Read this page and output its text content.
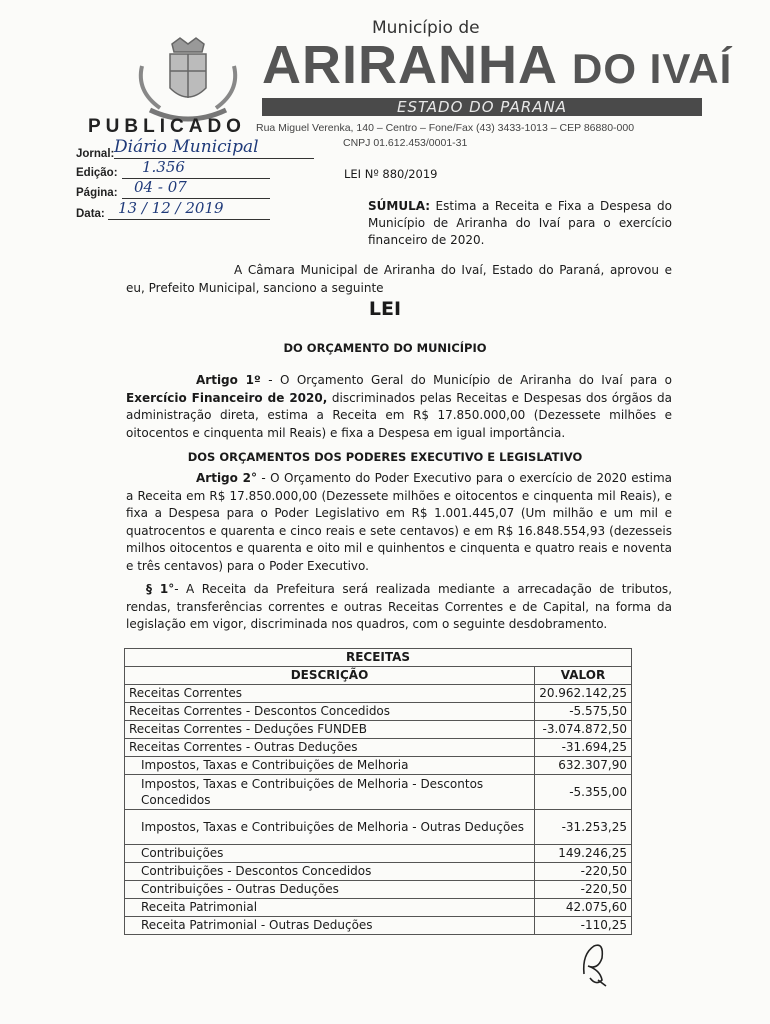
Município de
ARIRANHA DO IVAÍ
ESTADO DO PARANA
PUBLICADO Rua Miguel Verenka, 140 – Centro – Fone/Fax (43) 3433-1013 – CEP 86880-000
CNPJ 01.612.453/0001-31
Jornal: Diário Municipal
Edição: 1.356
Página: 04 - 07
Data: 13 / 12 / 2019
LEI Nº 880/2019
SÚMULA: Estima a Receita e Fixa a Despesa do Município de Ariranha do Ivaí para o exercício financeiro de 2020.
A Câmara Municipal de Ariranha do Ivaí, Estado do Paraná, aprovou e eu, Prefeito Municipal, sanciono a seguinte
LEI
DO ORÇAMENTO DO MUNICÍPIO
Artigo 1º - O Orçamento Geral do Município de Ariranha do Ivaí para o Exercício Financeiro de 2020, discriminados pelas Receitas e Despesas dos órgãos da administração direta, estima a Receita em R$ 17.850.000,00 (Dezessete milhões e oitocentos e cinquenta mil Reais) e fixa a Despesa em igual importância.
DOS ORÇAMENTOS DOS PODERES EXECUTIVO E LEGISLATIVO
Artigo 2° - O Orçamento do Poder Executivo para o exercício de 2020 estima a Receita em R$ 17.850.000,00 (Dezessete milhões e oitocentos e cinquenta mil Reais), e fixa a Despesa para o Poder Legislativo em R$ 1.001.445,07 (Um milhão e um mil e quatrocentos e quarenta e cinco reais e sete centavos) e em R$ 16.848.554,93 (dezesseis milhos oitocentos e quarenta e oito mil e quinhentos e cinquenta e quatro reais e noventa e três centavos) para o Poder Executivo.
§ 1°- A Receita da Prefeitura será realizada mediante a arrecadação de tributos, rendas, transferências correntes e outras Receitas Correntes e de Capital, na forma da legislação em vigor, discriminada nos quadros, com o seguinte desdobramento.
RECEITAS	
DESCRIÇÃO	VALOR
Receitas Correntes	20.962.142,25
Receitas Correntes - Descontos Concedidos	-5.575,50
Receitas Correntes - Deduções FUNDEB	-3.074.872,50
Receitas Correntes - Outras Deduções	-31.694,25
Impostos, Taxas e Contribuições de Melhoria	632.307,90
Impostos, Taxas e Contribuições de Melhoria - Descontos Concedidos	-5.355,00
Impostos, Taxas e Contribuições de Melhoria - Outras Deduções	-31.253,25
Contribuições	149.246,25
Contribuições - Descontos Concedidos	-220,50
Contribuições - Outras Deduções	-220,50
Receita Patrimonial	42.075,60
Receita Patrimonial - Outras Deduções	-110,25
